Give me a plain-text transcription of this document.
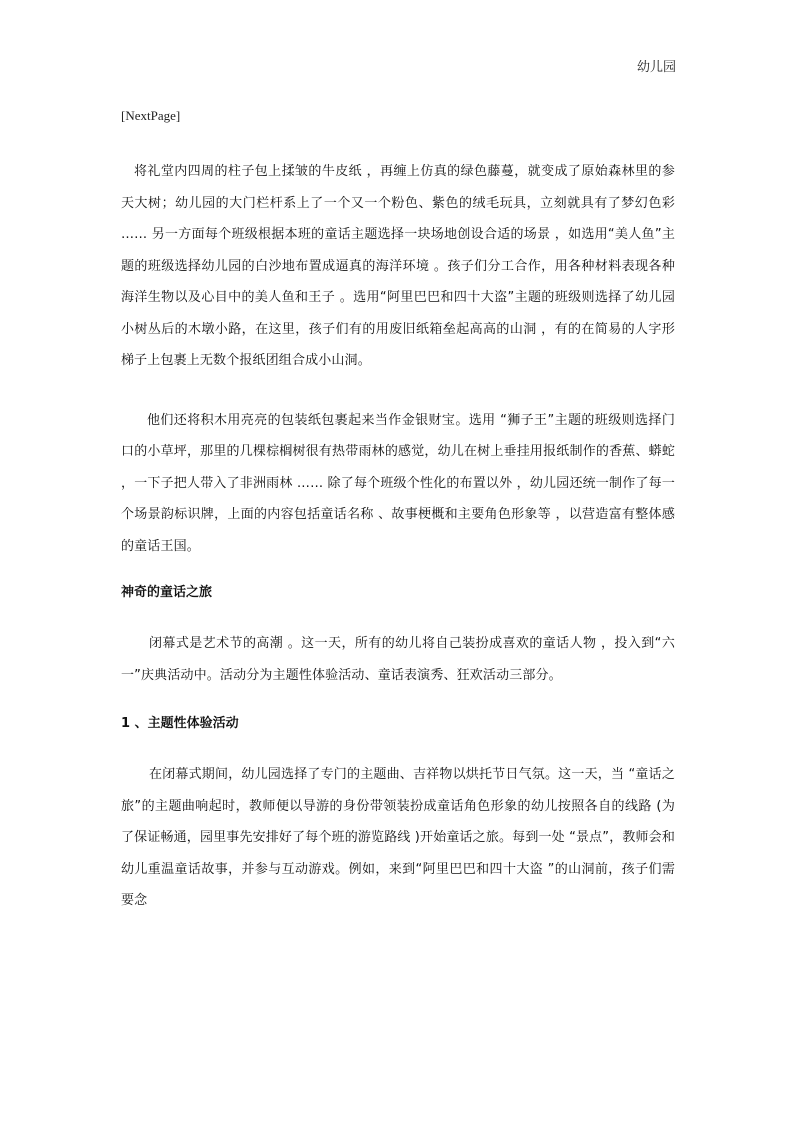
幼儿园
[NextPage]

将礼堂内四周的柱子包上揉皱的牛皮纸 ，再缠上仿真的绿色藤蔓，就变成了原始森林里的参天大树；幼儿园的大门栏杆系上了一个又一个粉色、紫色的绒毛玩具，立刻就具有了梦幻色彩 …… 另一方面每个班级根据本班的童话主题选择一块场地创设合适的场景 ，如选用“美人鱼”主题的班级选择幼儿园的白沙地布置成逼真的海洋环境 。孩子们分工合作，用各种材料表现各种海洋生物以及心目中的美人鱼和王子 。选用“阿里巴巴和四十大盗”主题的班级则选择了幼儿园小树丛后的木墩小路，在这里，孩子们有的用废旧纸箱垒起高高的山洞 ，有的在简易的人字形梯子上包裹上无数个报纸团组合成小山洞。

他们还将积木用亮亮的包装纸包裹起来当作金银财宝。选用 “狮子王”主题的班级则选择门口的小草坪，那里的几棵棕榈树很有热带雨林的感觉，幼儿在树上垂挂用报纸制作的香蕉、蟒蛇 ，一下子把人带入了非洲雨林 …… 除了每个班级个性化的布置以外 ，幼儿园还统一制作了每一个场景韵标识牌，上面的内容包括童话名称 、故事梗概和主要角色形象等 ，以营造富有整体感的童话王国。

神奇的童话之旅

闭幕式是艺术节的高潮 。这一天，所有的幼儿将自己装扮成喜欢的童话人物 ，投入到“六一”庆典活动中。活动分为主题性体验活动、童话表演秀、狂欢活动三部分。

1 、主题性体验活动

在闭幕式期间，幼儿园选择了专门的主题曲、吉祥物以烘托节日气氛。这一天，当 “童话之旅”的主题曲响起时，教师便以导游的身份带领装扮成童话角色形象的幼儿按照各自的线路 (为了保证畅通，园里事先安排好了每个班的游览路线 )开始童话之旅。每到一处 “景点”，教师会和幼儿重温童话故事，并参与互动游戏。例如，来到“阿里巴巴和四十大盗 ”的山洞前，孩子们需要念
